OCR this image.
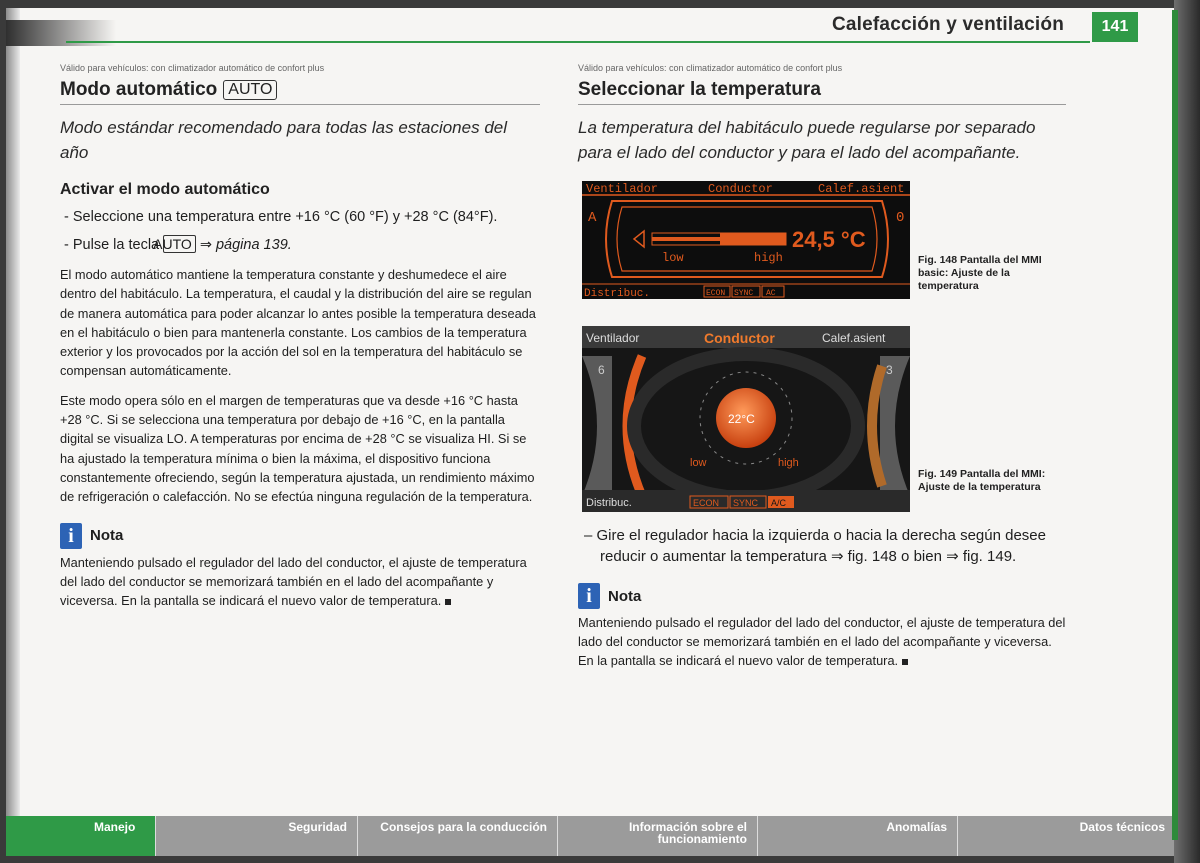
Calefacción y ventilación	141
Válido para vehículos: con climatizador automático de confort plus
Modo automático AUTO
Modo estándar recomendado para todas las estaciones del año
Activar el modo automático
- Seleccione una temperatura entre +16 °C (60 °F) y +28 °C (84°F).
- Pulse la tecla AUTO ⇒ página 139.
El modo automático mantiene la temperatura constante y deshumedece el aire dentro del habitáculo. La temperatura, el caudal y la distribución del aire se regulan de manera automática para poder alcanzar lo antes posible la temperatura deseada en el habitáculo o bien para mantenerla constante. Los cambios de la temperatura exterior y los provocados por la acción del sol en la temperatura del habitáculo se compensan automáticamente.
Este modo opera sólo en el margen de temperaturas que va desde +16 °C hasta +28 °C. Si se selecciona una temperatura por debajo de +16 °C, en la pantalla digital se visualiza LO. A temperaturas por encima de +28 °C se visualiza HI. Si se ha ajustado la temperatura mínima o bien la máxima, el dispositivo funciona constantemente ofreciendo, según la temperatura ajustada, un rendimiento máximo de refrigeración o calefacción. No se efectúa ninguna regulación de la temperatura.
i	Nota
Manteniendo pulsado el regulador del lado del conductor, el ajuste de temperatura del lado del conductor se memorizará también en el lado del acompañante y viceversa. En la pantalla se indicará el nuevo valor de temperatura.
Válido para vehículos: con climatizador automático de confort plus
Seleccionar la temperatura
La temperatura del habitáculo puede regularse por separado para el lado del conductor y para el lado del acompañante.
Ventilador	Conductor	Calef.asient
A	0
low	high
24,5 °C
Distribuc.	ECON SYNC AC
Ventilador	Conductor	Calef.asient
6	3
22°C
low	high
Distribuc.	ECON SYNC A/C
Fig. 148 Pantalla del MMI basic: Ajuste de la temperatura
Fig. 149 Pantalla del MMI: Ajuste de la temperatura
– Gire el regulador hacia la izquierda o hacia la derecha según desee reducir o aumentar la temperatura ⇒ fig. 148 o bien ⇒ fig. 149.
i	Nota
Manteniendo pulsado el regulador del lado del conductor, el ajuste de temperatura del lado del conductor se memorizará también en el lado del acompañante y viceversa. En la pantalla se indicará el nuevo valor de temperatura.
Manejo	Seguridad	Consejos para la conducción	Información sobre el funcionamiento
Anomalías	Datos técnicos
